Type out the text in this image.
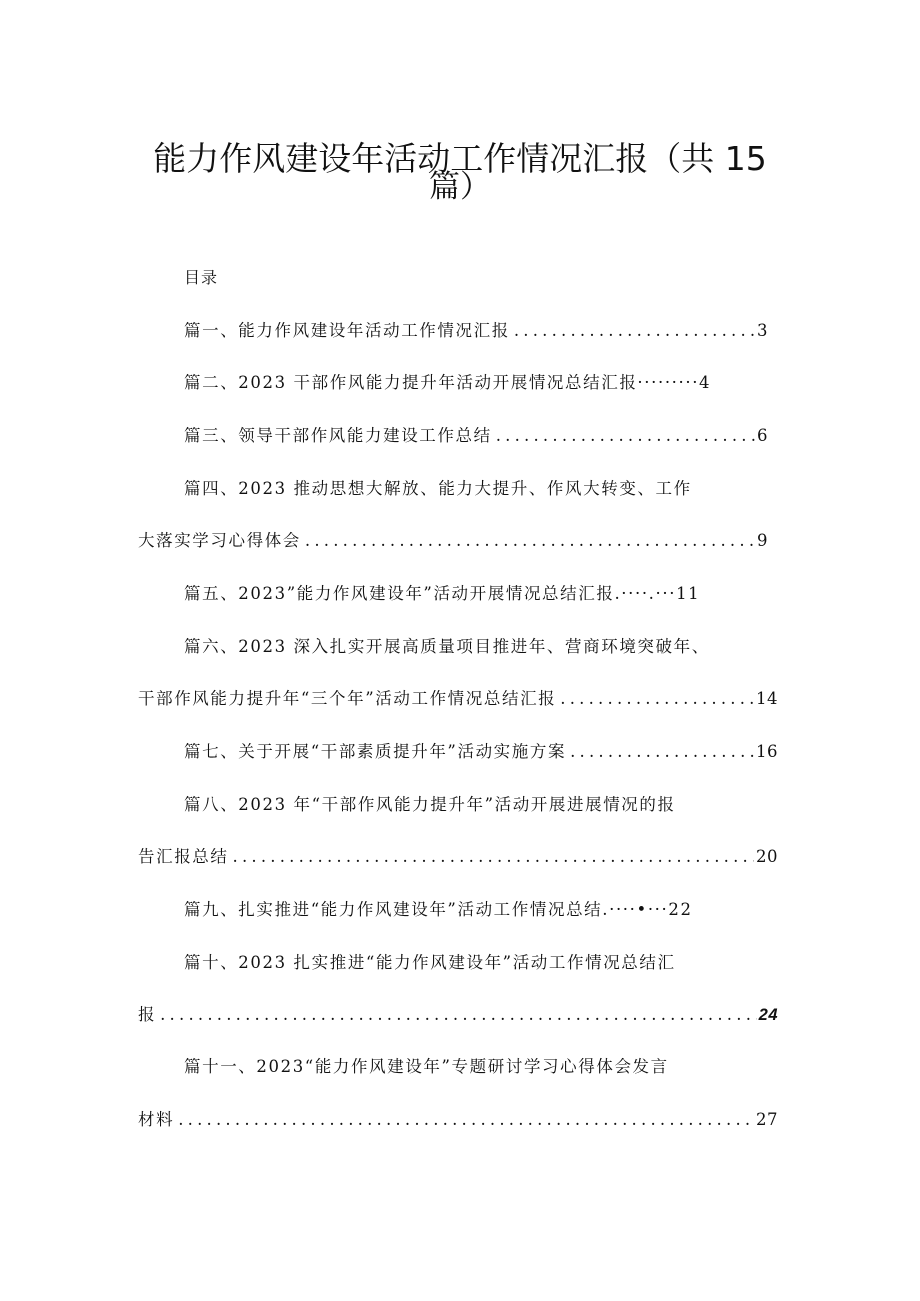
能力作风建设年活动工作情况汇报（共 15
篇）
目录
篇一、能力作风建设年活动工作情况汇报 .....	3
篇二、2023 干部作风能力提升年活动开展情况总结汇报·········4
篇三、领导干部作风能力建设工作总结 .....	6
篇四、2023 推动思想大解放、能力大提升、作风大转变、工作
大落实学习心得体会 .....	9
篇五、2023”能力作风建设年”活动开展情况总结汇报.····.···11
篇六、2023 深入扎实开展高质量项目推进年、营商环境突破年、
干部作风能力提升年“三个年”活动工作情况总结汇报 .....	14
篇七、关于开展“干部素质提升年”活动实施方案 .....	16
篇八、2023 年“干部作风能力提升年”活动开展进展情况的报
告汇报总结 .....	20
篇九、扎实推进“能力作风建设年”活动工作情况总结.····•···22
篇十、2023 扎实推进“能力作风建设年”活动工作情况总结汇
报 .....	24
篇十一、2023“能力作风建设年”专题研讨学习心得体会发言
材料 .....	27
